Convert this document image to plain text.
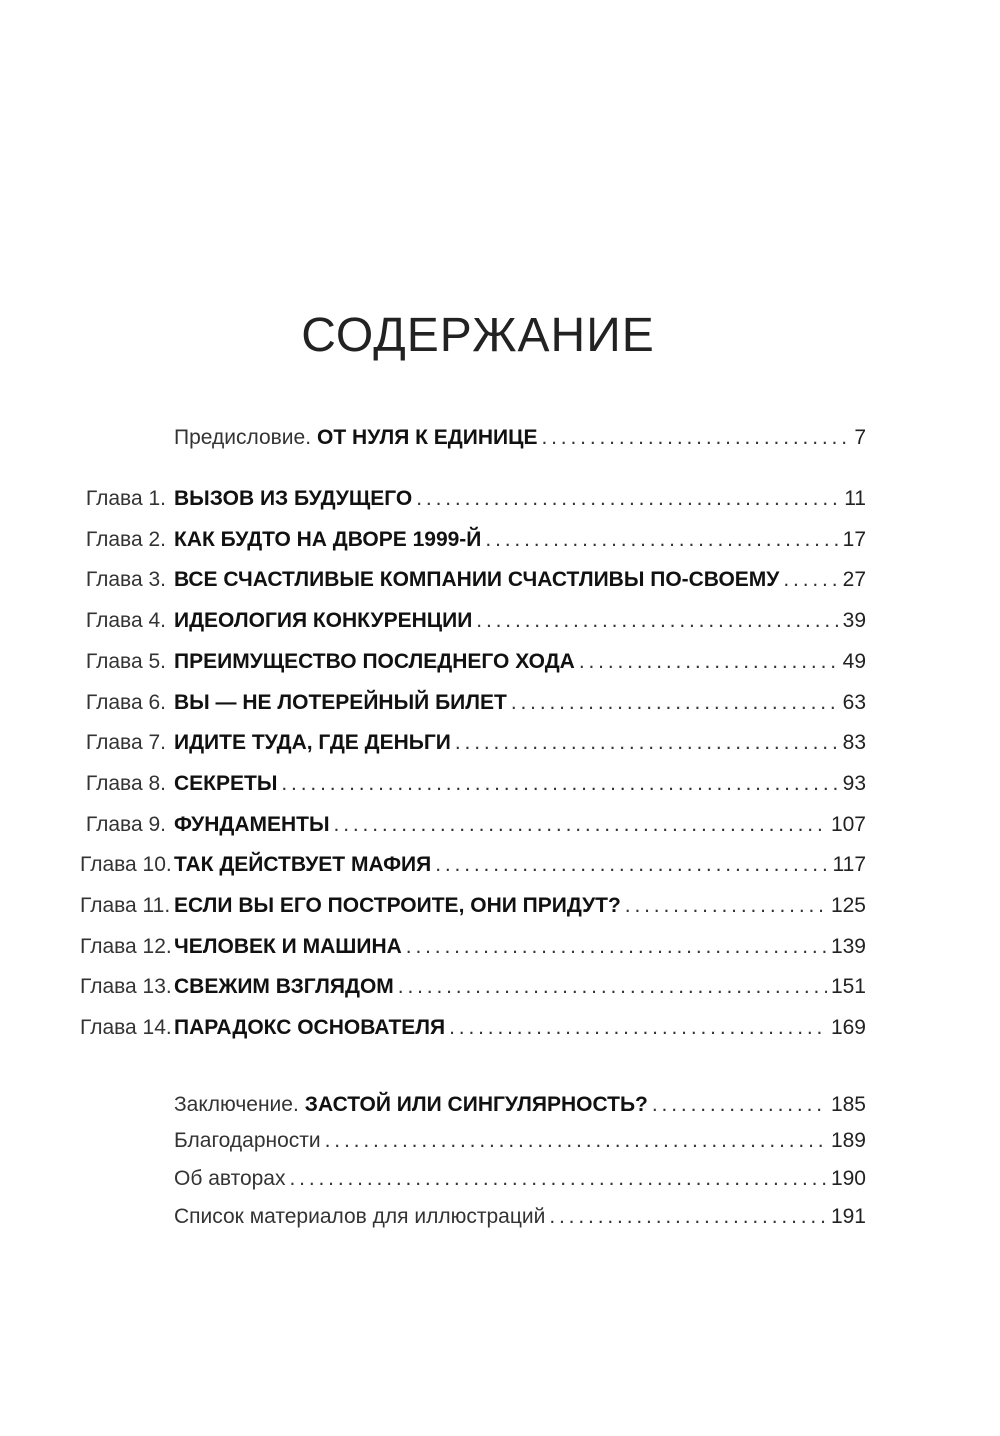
СОДЕРЖАНИЕ
Предисловие. ОТ НУЛЯ К ЕДИНИЦЕ . . .	7
Глава 1. ВЫЗОВ ИЗ БУДУЩЕГО . . .	11
Глава 2. КАК БУДТО НА ДВОРЕ 1999-Й . . .	17
Глава 3. ВСЕ СЧАСТЛИВЫЕ КОМПАНИИ СЧАСТЛИВЫ ПО-СВОЕМУ . . .	27
Глава 4. ИДЕОЛОГИЯ КОНКУРЕНЦИИ . . .	39
Глава 5. ПРЕИМУЩЕСТВО ПОСЛЕДНЕГО ХОДА . . .	49
Глава 6. ВЫ — НЕ ЛОТЕРЕЙНЫЙ БИЛЕТ . . .	63
Глава 7. ИДИТЕ ТУДА, ГДЕ ДЕНЬГИ . . .	83
Глава 8. СЕКРЕТЫ . . .	93
Глава 9. ФУНДАМЕНТЫ . . .	107
Глава 10. ТАК ДЕЙСТВУЕТ МАФИЯ . . .	117
Глава 11. ЕСЛИ ВЫ ЕГО ПОСТРОИТЕ, ОНИ ПРИДУТ? . . .	125
Глава 12. ЧЕЛОВЕК И МАШИНА . . .	139
Глава 13. СВЕЖИМ ВЗГЛЯДОМ . . .	151
Глава 14. ПАРАДОКС ОСНОВАТЕЛЯ . . .	169
Заключение. ЗАСТОЙ ИЛИ СИНГУЛЯРНОСТЬ? . . .	185
Благодарности . . .	189
Об авторах . . .	190
Список материалов для иллюстраций . . .	191
